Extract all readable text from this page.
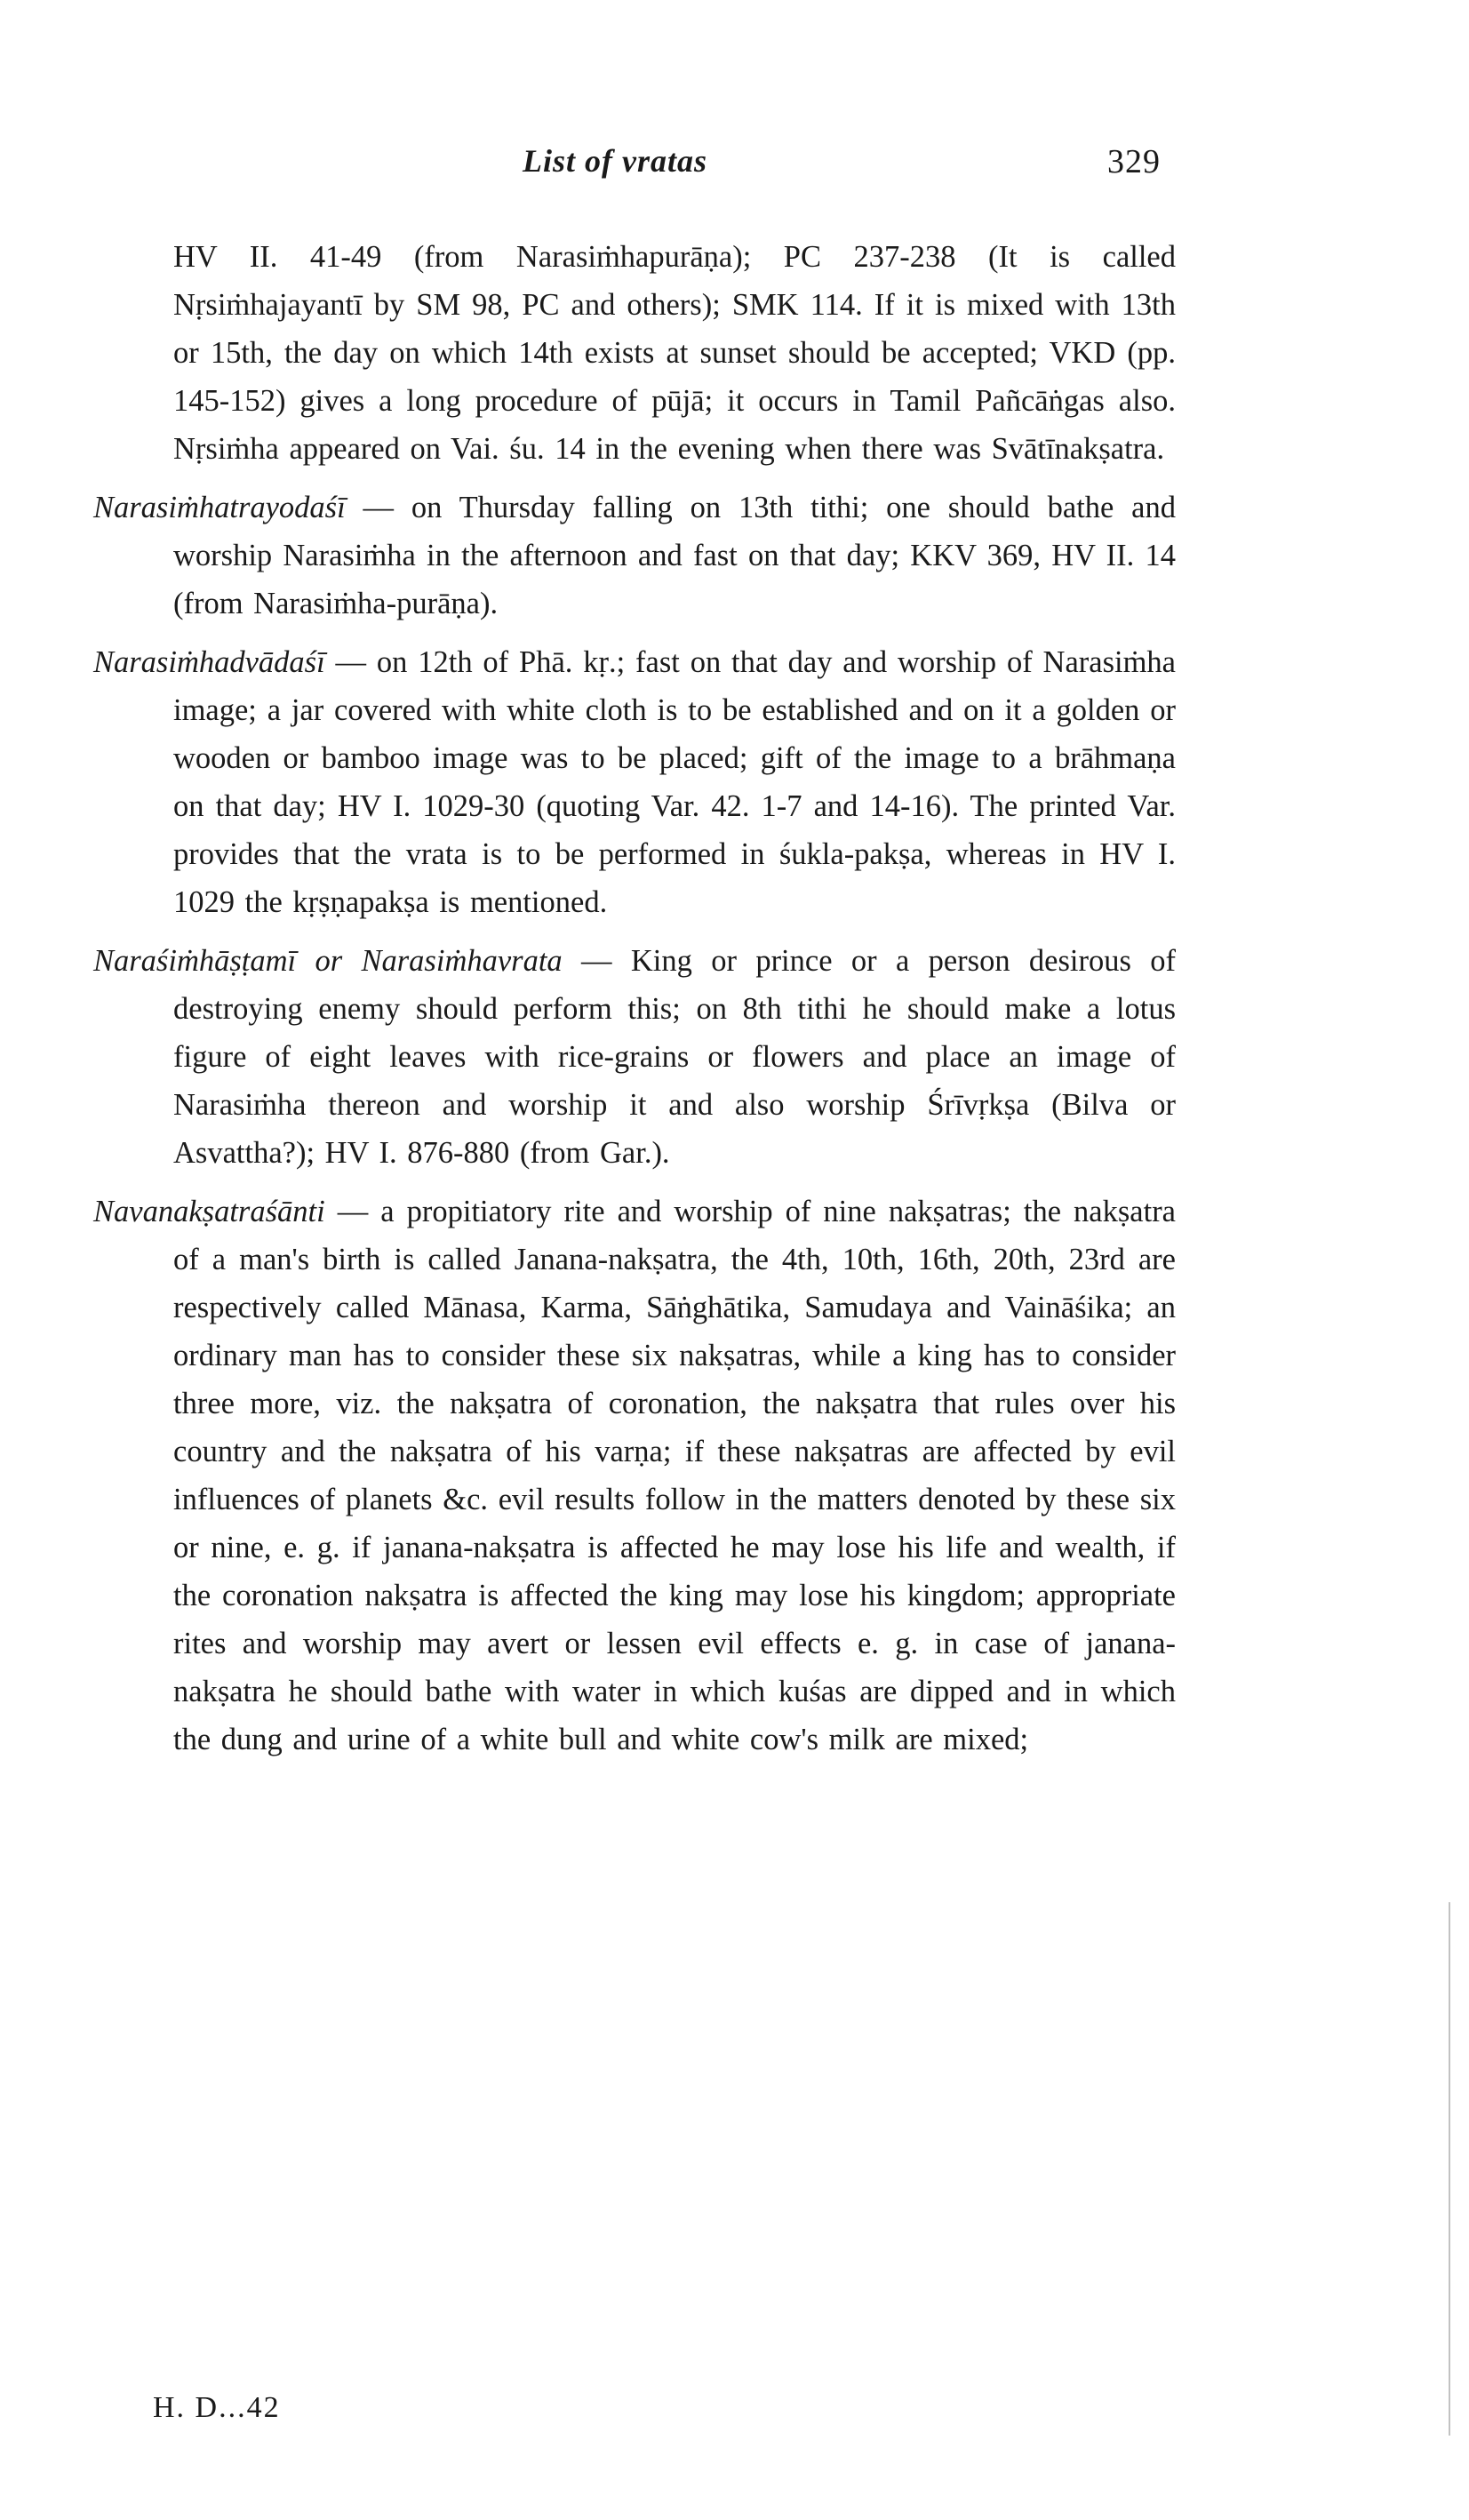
List of vratas	329

HV II. 41-49 (from Narasiṁhapurāṇa); PC 237-238 (It is called Nṛsiṁhajayantī by SM 98, PC and others); SMK 114. If it is mixed with 13th or 15th, the day on which 14th exists at sunset should be accepted; VKD (pp. 145-152) gives a long procedure of pūjā; it occurs in Tamil Pañcāṅgas also. Nṛsiṁha appeared on Vai. śu. 14 in the evening when there was Svātīnakṣatra.

Narasiṁhatrayodaśī — on Thursday falling on 13th tithi; one should bathe and worship Narasiṁha in the afternoon and fast on that day; KKV 369, HV II. 14 (from Narasiṁha-purāṇa).

Narasiṁhadvādaśī — on 12th of Phā. kṛ.; fast on that day and worship of Narasiṁha image; a jar covered with white cloth is to be established and on it a golden or wooden or bamboo image was to be placed; gift of the image to a brāhmaṇa on that day; HV I. 1029-30 (quoting Var. 42. 1-7 and 14-16). The printed Var. provides that the vrata is to be performed in śukla-pakṣa, whereas in HV I. 1029 the kṛṣṇapakṣa is mentioned.

Naraśiṁhāṣṭamī or Narasiṁhavrata — King or prince or a person desirous of destroying enemy should perform this; on 8th tithi he should make a lotus figure of eight leaves with rice-grains or flowers and place an image of Narasiṁha thereon and worship it and also worship Śrīvṛkṣa (Bilva or Asvattha?); HV I. 876-880 (from Gar.).

Navanakṣatraśānti — a propitiatory rite and worship of nine nakṣatras; the nakṣatra of a man's birth is called Janana-nakṣatra, the 4th, 10th, 16th, 20th, 23rd are respectively called Mānasa, Karma, Sāṅghātika, Samudaya and Vaināśika; an ordinary man has to consider these six nakṣatras, while a king has to consider three more, viz. the nakṣatra of coronation, the nakṣatra that rules over his country and the nakṣatra of his varṇa; if these nakṣatras are affected by evil influences of planets &c. evil results follow in the matters denoted by these six or nine, e. g. if janana-nakṣatra is affected he may lose his life and wealth, if the coronation nakṣatra is affected the king may lose his kingdom; appropriate rites and worship may avert or lessen evil effects e. g. in case of janana-nakṣatra he should bathe with water in which kuśas are dipped and in which the dung and urine of a white bull and white cow's milk are mixed;

H. D...42
